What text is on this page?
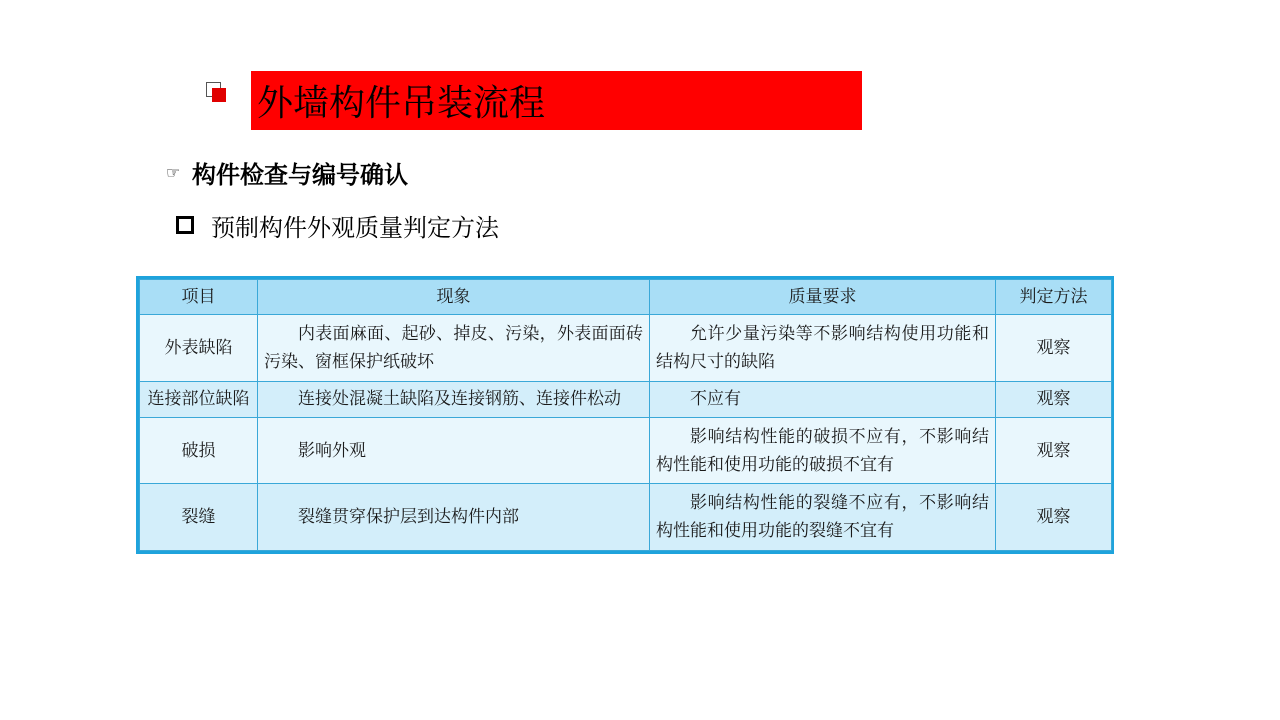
外墙构件吊装流程
☞ 构件检查与编号确认
预制构件外观质量判定方法
项目	现象	质量要求	判定方法
外表缺陷	内表面麻面、起砂、掉皮、污染，外表面面砖污染、窗框保护纸破坏	允许少量污染等不影响结构使用功能和结构尺寸的缺陷	观察
连接部位缺陷	连接处混凝土缺陷及连接钢筋、连接件松动	不应有	观察
破损	影响外观	影响结构性能的破损不应有，不影响结构性能和使用功能的破损不宜有	观察
裂缝	裂缝贯穿保护层到达构件内部	影响结构性能的裂缝不应有，不影响结构性能和使用功能的裂缝不宜有	观察
